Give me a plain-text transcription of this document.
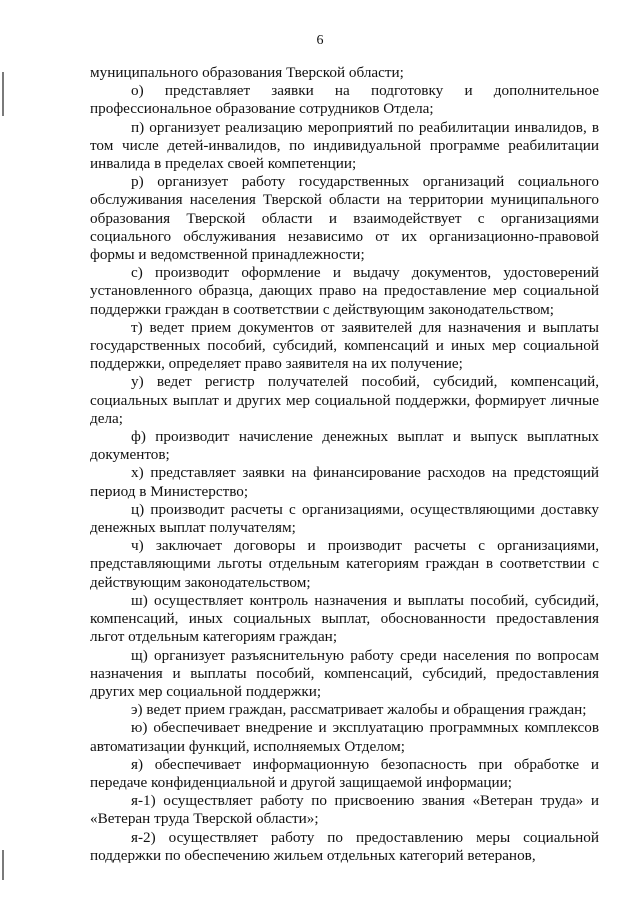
6

муниципального образования Тверской области;

о) представляет заявки на подготовку и дополнительное профессиональное образование сотрудников Отдела;

п) организует реализацию мероприятий по реабилитации инвалидов, в том числе детей-инвалидов, по индивидуальной программе реабилитации инвалида в пределах своей компетенции;

р) организует работу государственных организаций социального обслуживания населения Тверской области на территории муниципального образования Тверской области и взаимодействует с организациями социального обслуживания независимо от их организационно-правовой формы и ведомственной принадлежности;

с) производит оформление и выдачу документов, удостоверений установленного образца, дающих право на предоставление мер социальной поддержки граждан в соответствии с действующим законодательством;

т) ведет прием документов от заявителей для назначения и выплаты государственных пособий, субсидий, компенсаций и иных мер социальной поддержки, определяет право заявителя на их получение;

у) ведет регистр получателей пособий, субсидий, компенсаций, социальных выплат и других мер социальной поддержки, формирует личные дела;

ф) производит начисление денежных выплат и выпуск выплатных документов;

х) представляет заявки на финансирование расходов на предстоящий период в Министерство;

ц) производит расчеты с организациями, осуществляющими доставку денежных выплат получателям;

ч) заключает договоры и производит расчеты с организациями, представляющими льготы отдельным категориям граждан в соответствии с действующим законодательством;

ш) осуществляет контроль назначения и выплаты пособий, субсидий, компенсаций, иных социальных выплат, обоснованности предоставления льгот отдельным категориям граждан;

щ) организует разъяснительную работу среди населения по вопросам назначения и выплаты пособий, компенсаций, субсидий, предоставления других мер социальной поддержки;

э) ведет прием граждан, рассматривает жалобы и обращения граждан;

ю) обеспечивает внедрение и эксплуатацию программных комплексов автоматизации функций, исполняемых Отделом;

я) обеспечивает информационную безопасность при обработке и передаче конфиденциальной и другой защищаемой информации;

я-1) осуществляет работу по присвоению звания «Ветеран труда» и «Ветеран труда Тверской области»;

я-2) осуществляет работу по предоставлению меры социальной поддержки по обеспечению жильем отдельных категорий ветеранов,
